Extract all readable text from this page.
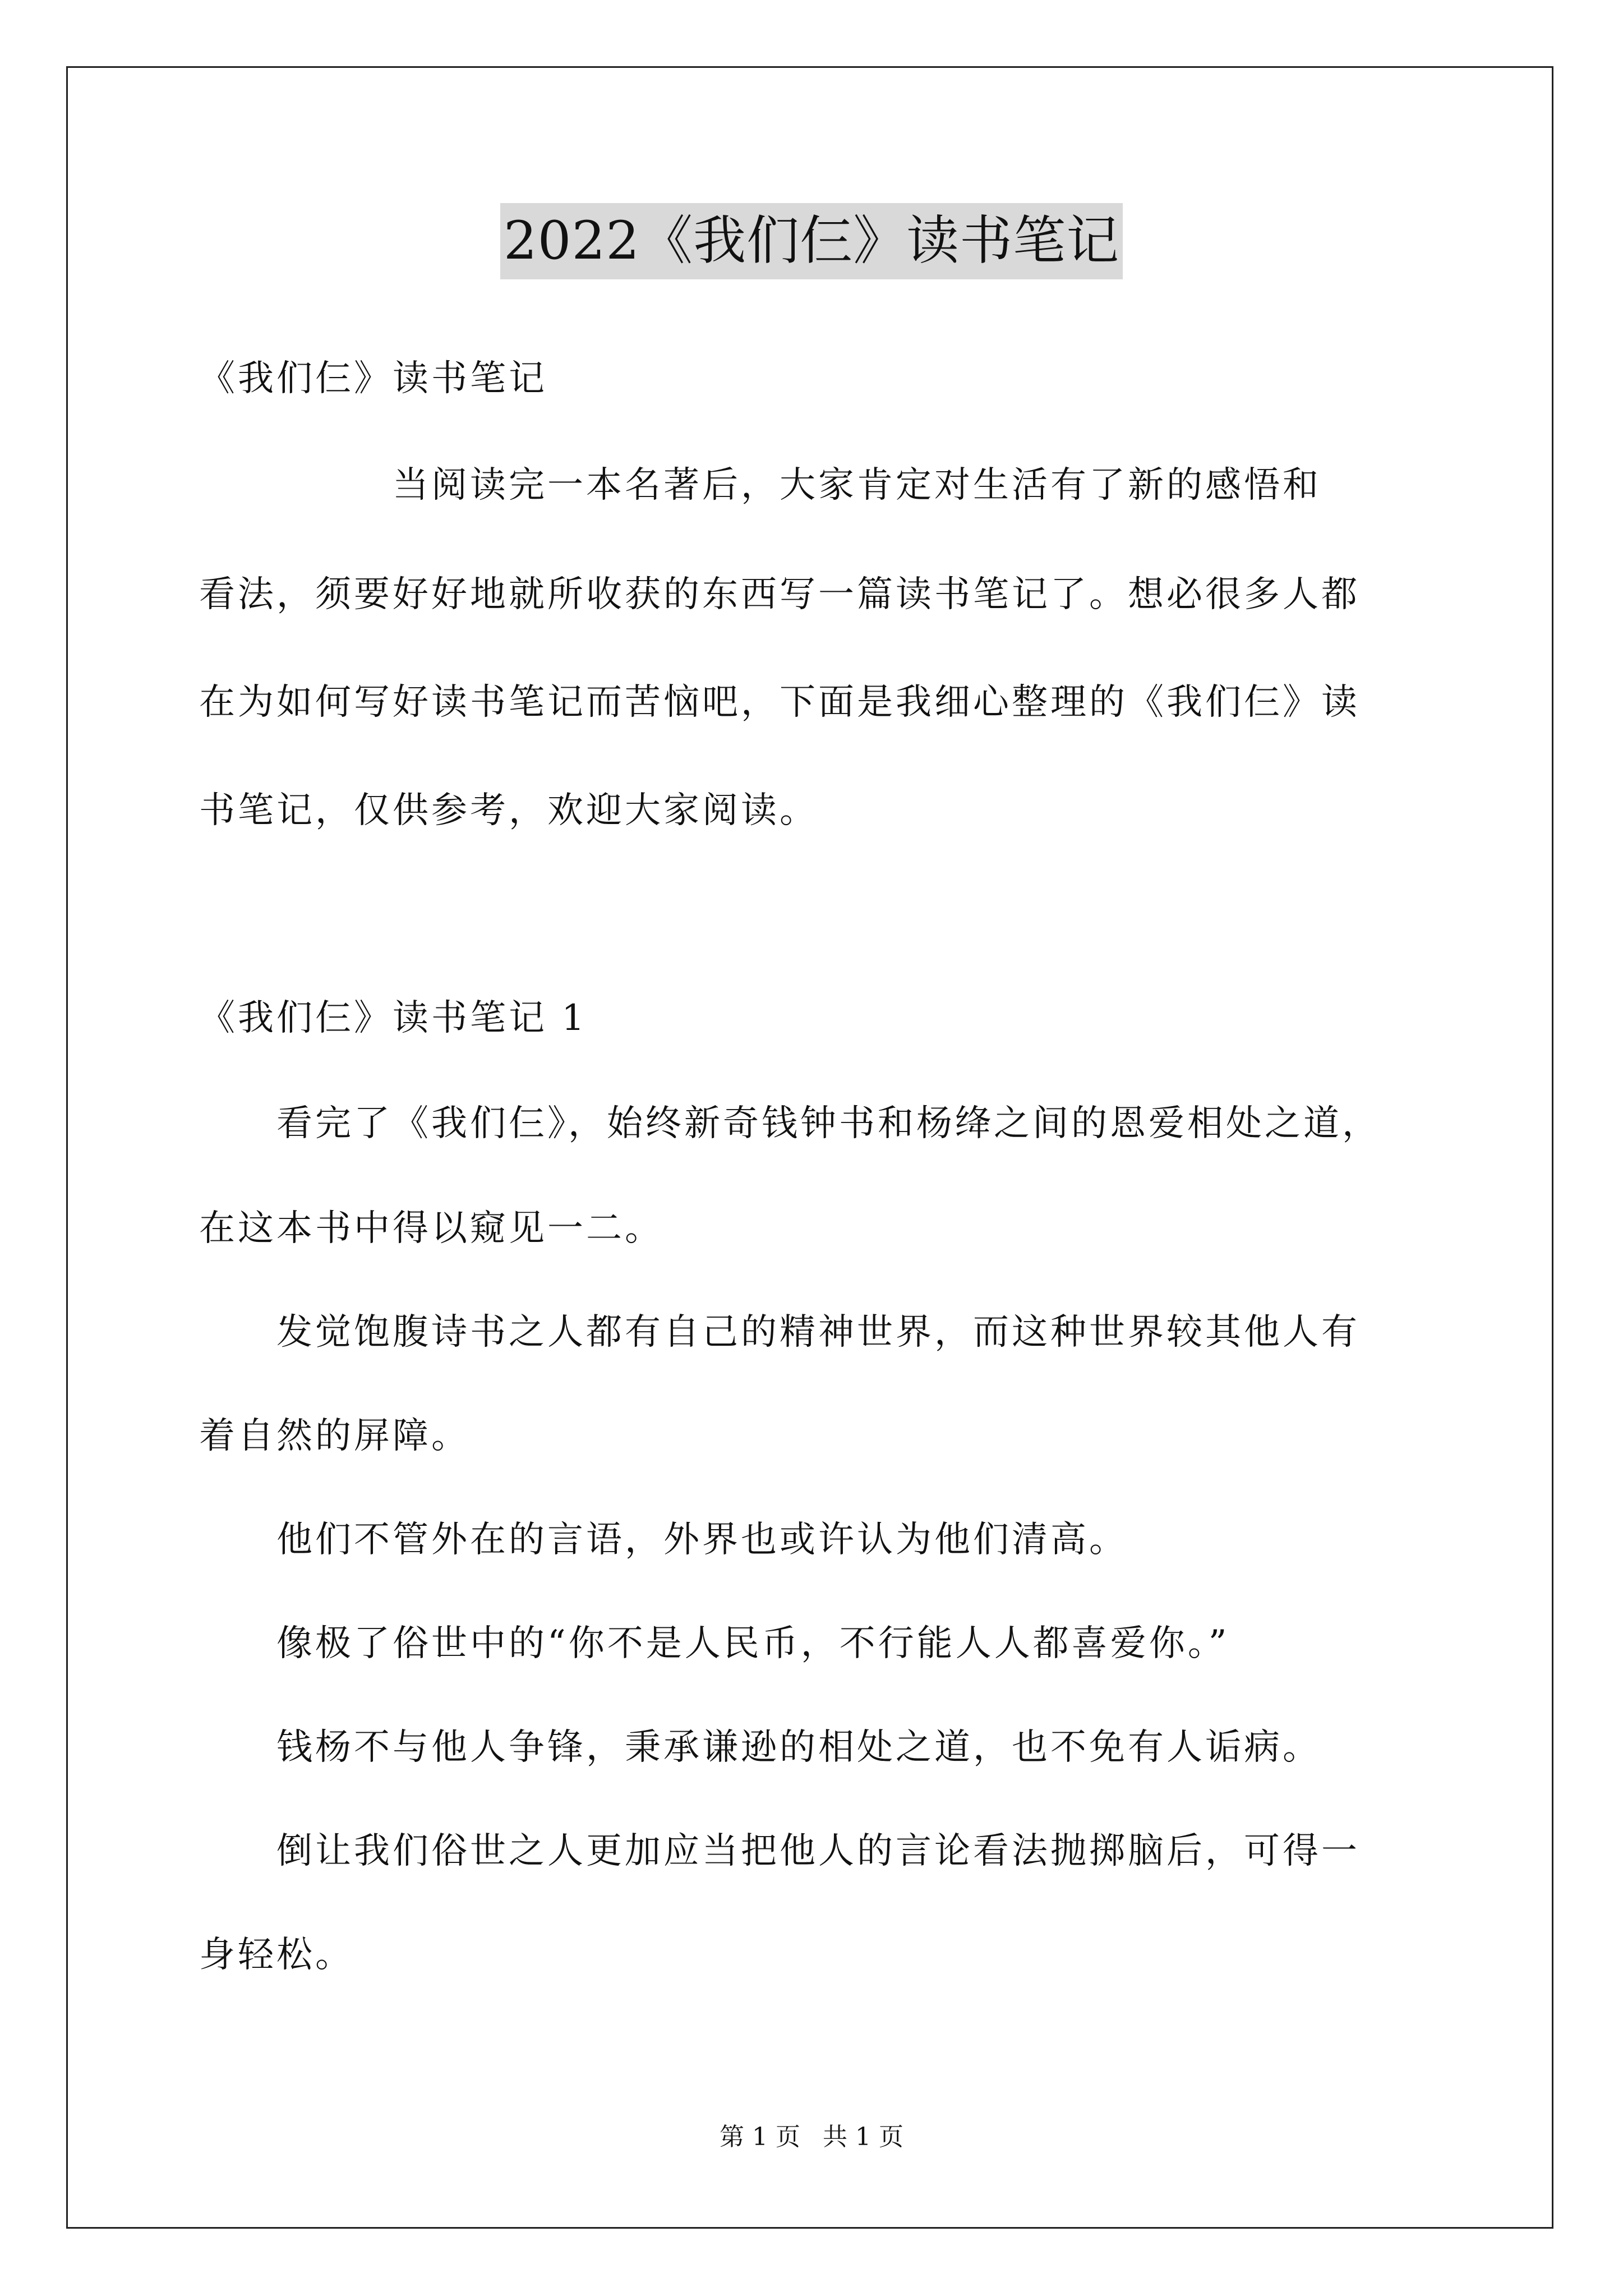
2022《我们仨》读书笔记
《我们仨》读书笔记
　　　　　当阅读完一本名著后，大家肯定对生活有了新的感悟和
看法，须要好好地就所收获的东西写一篇读书笔记了。想必很多人都
在为如何写好读书笔记而苦恼吧，下面是我细心整理的《我们仨》读
书笔记，仅供参考，欢迎大家阅读。
《我们仨》读书笔记 1
　　看完了《我们仨》，始终新奇钱钟书和杨绛之间的恩爱相处之道，
在这本书中得以窥见一二。
　　发觉饱腹诗书之人都有自己的精神世界，而这种世界较其他人有
着自然的屏障。
　　他们不管外在的言语，外界也或许认为他们清高。
　　像极了俗世中的“你不是人民币，不行能人人都喜爱你。”
　　钱杨不与他人争锋，秉承谦逊的相处之道，也不免有人诟病。
　　倒让我们俗世之人更加应当把他人的言论看法抛掷脑后，可得一
身轻松。
第 1 页 共 1 页
